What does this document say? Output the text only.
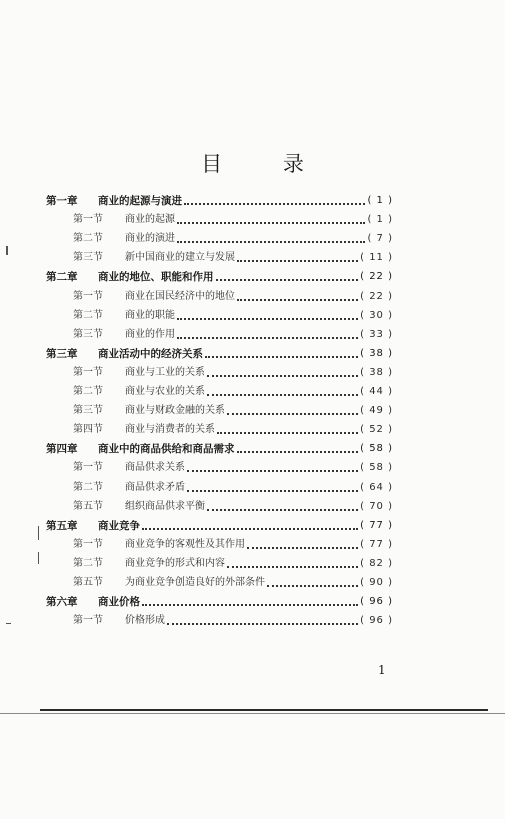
目 录
第一章 商业的起源与演进	( 1 )
第一节 商业的起源	( 1 )
第二节 商业的演进	( 7 )
第三节 新中国商业的建立与发展	( 11 )
第二章 商业的地位、职能和作用	( 22 )
第一节 商业在国民经济中的地位	( 22 )
第二节 商业的职能	( 30 )
第三节 商业的作用	( 33 )
第三章 商业活动中的经济关系	( 38 )
第一节 商业与工业的关系	( 38 )
第二节 商业与农业的关系	( 44 )
第三节 商业与财政金融的关系	( 49 )
第四节 商业与消费者的关系	( 52 )
第四章 商业中的商品供给和商品需求	( 58 )
第一节 商品供求关系	( 58 )
第二节 商品供求矛盾	( 64 )
第五节 组织商品供求平衡	( 70 )
第五章 商业竞争	( 77 )
第一节 商业竞争的客观性及其作用	( 77 )
第二节 商业竞争的形式和内容	( 82 )
第五节 为商业竞争创造良好的外部条件	( 90 )
第六章 商业价格	( 96 )
第一节 价格形成	( 96 )
1
